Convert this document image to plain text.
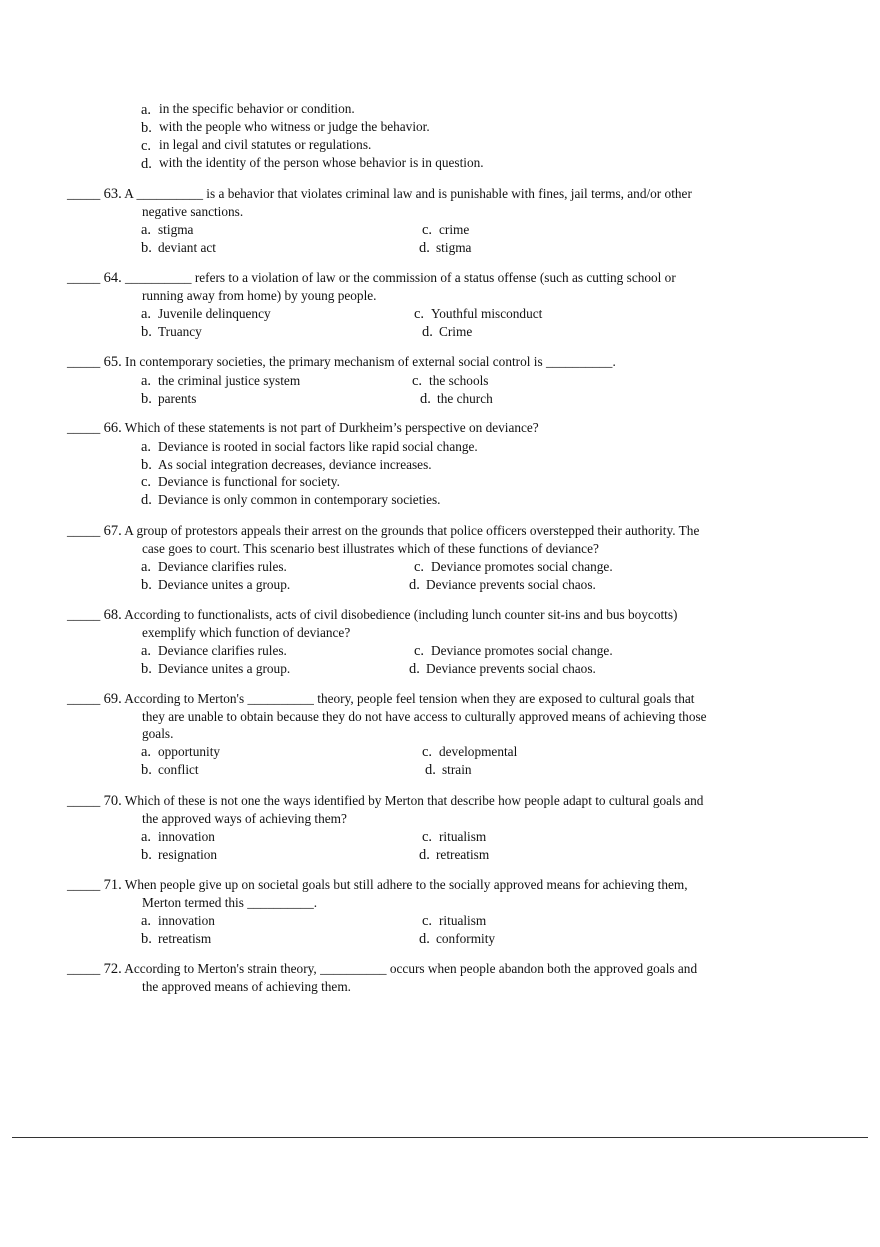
a. in the specific behavior or condition.
b. with the people who witness or judge the behavior.
c. in legal and civil statutes or regulations.
d. with the identity of the person whose behavior is in question.
_____ 63. A __________ is a behavior that violates criminal law and is punishable with fines, jail terms, and/or other
negative sanctions.
a. stigma	c. crime
b. deviant act	d. stigma
_____ 64. __________ refers to a violation of law or the commission of a status offense (such as cutting school or
running away from home) by young people.
a. Juvenile delinquency	c. Youthful misconduct
b. Truancy	d. Crime
_____ 65. In contemporary societies, the primary mechanism of external social control is __________.
a. the criminal justice system	c. the schools
b. parents	d. the church
_____ 66. Which of these statements is not part of Durkheim’s perspective on deviance?
a. Deviance is rooted in social factors like rapid social change.
b. As social integration decreases, deviance increases.
c. Deviance is functional for society.
d. Deviance is only common in contemporary societies.
_____ 67. A group of protestors appeals their arrest on the grounds that police officers overstepped their authority. The
case goes to court. This scenario best illustrates which of these functions of deviance?
a. Deviance clarifies rules.	c. Deviance promotes social change.
b. Deviance unites a group.	d. Deviance prevents social chaos.
_____ 68. According to functionalists, acts of civil disobedience (including lunch counter sit-ins and bus boycotts)
exemplify which function of deviance?
a. Deviance clarifies rules.	c. Deviance promotes social change.
b. Deviance unites a group.	d. Deviance prevents social chaos.
_____ 69. According to Merton's __________ theory, people feel tension when they are exposed to cultural goals that
they are unable to obtain because they do not have access to culturally approved means of achieving those
goals.
a. opportunity	c. developmental
b. conflict	d. strain
_____ 70. Which of these is not one the ways identified by Merton that describe how people adapt to cultural goals and
the approved ways of achieving them?
a. innovation	c. ritualism
b. resignation	d. retreatism
_____ 71. When people give up on societal goals but still adhere to the socially approved means for achieving them,
Merton termed this __________.
a. innovation	c. ritualism
b. retreatism	d. conformity
_____ 72. According to Merton's strain theory, __________ occurs when people abandon both the approved goals and
the approved means of achieving them.
